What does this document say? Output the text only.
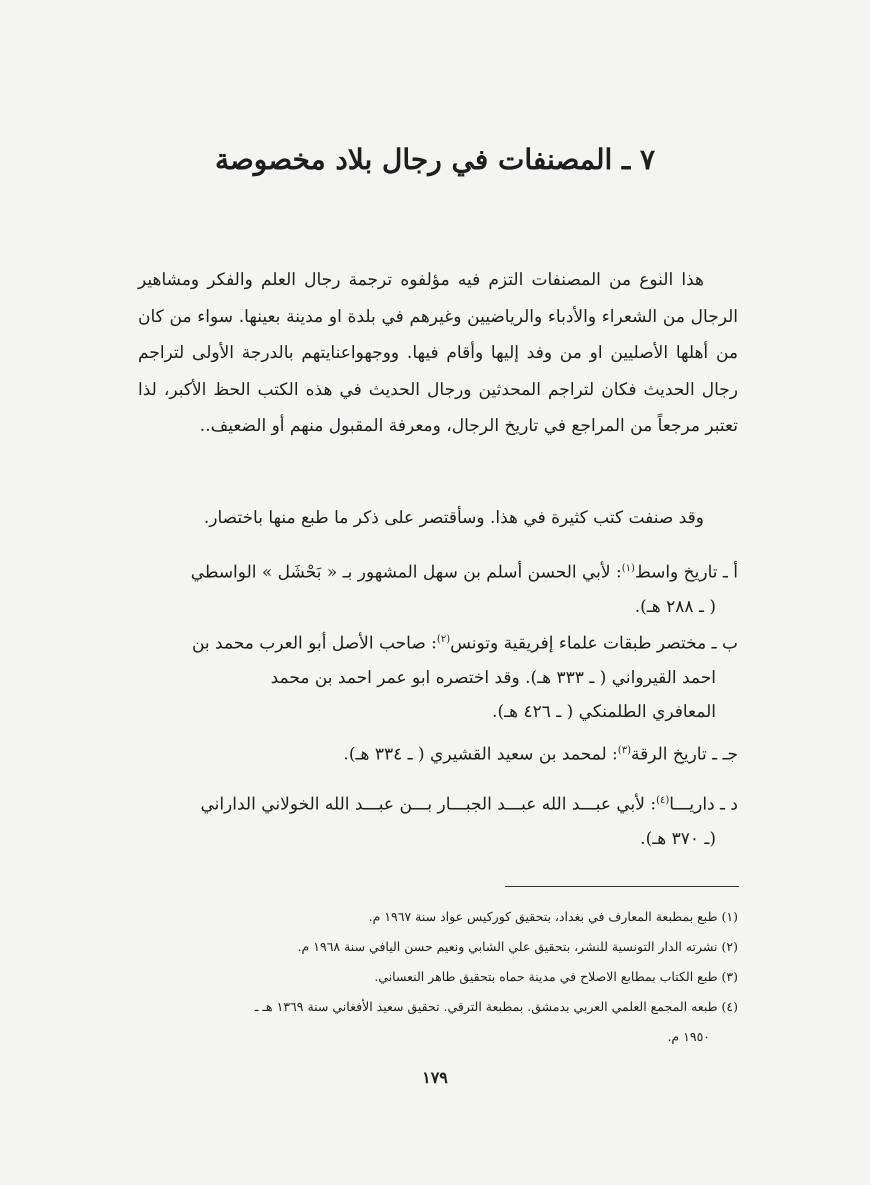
٧ ـ المصنفات في رجال بلاد مخصوصة

هذا النوع من المصنفات التزم فيه مؤلفوه ترجمة رجال العلم والفكر ومشاهير الرجال من الشعراء والأدباء والرياضيين وغيرهم في بلدة او مدينة بعينها. سواء من كان من أهلها الأصليين او من وفد إليها وأقام فيها. ووجهواعنايتهم بالدرجة الأولى لتراجم رجال الحديث فكان لتراجم المحدثين ورجال الحديث في هذه الكتب الحظ الأكبر، لذا تعتبر مرجعاً من المراجع في تاريخ الرجال، ومعرفة المقبول منهم أو الضعيف..

وقد صنفت كتب كثيرة في هذا. وسأقتصر على ذكر ما طبع منها باختصار.

أ ـ تاريخ واسط$^{(١)}$: لأبي الحسن أسلم بن سهل المشهور بـ « بَحْشَل » الواسطي
( ـ ٢٨٨ هـ).
ب ـ مختصر طبقات علماء إفريقية وتونس$^{(٢)}$: صاحب الأصل أبو العرب محمد بن
احمد القيرواني ( ـ ٣٣٣ هـ). وقد اختصره ابو عمر احمد بن محمد
المعافري الطلمنكي ( ـ ٤٢٦ هـ).
جـ ـ تاريخ الرقة$^{(٣)}$: لمحمد بن سعيد القشيري ( ـ ٣٣٤ هـ).
د ـ داريـــا$^{(٤)}$: لأبي عبـــد الله عبـــد الجبـــار بـــن عبـــد الله الخولاني الداراني
(ـ ٣٧٠ هـ).
(١) طبع بمطبعة المعارف في بغداد، بتحقيق كوركيس عواد سنة ١٩٦٧ م.
(٢) نشرته الدار التونسية للنشر، بتحقيق علي الشابي ونعيم حسن اليافي سنة ١٩٦٨ م.
(٣) طبع الكتاب بمطابع الاصلاح في مدينة حماه بتحقيق طاهر النعساني.
(٤) طبعه المجمع العلمي العربي بدمشق. بمطبعة الترقي. تحقيق سعيد الأفغاني سنة ١٣٦٩ هـ ـ
١٩٥٠ م.
١٧٩
